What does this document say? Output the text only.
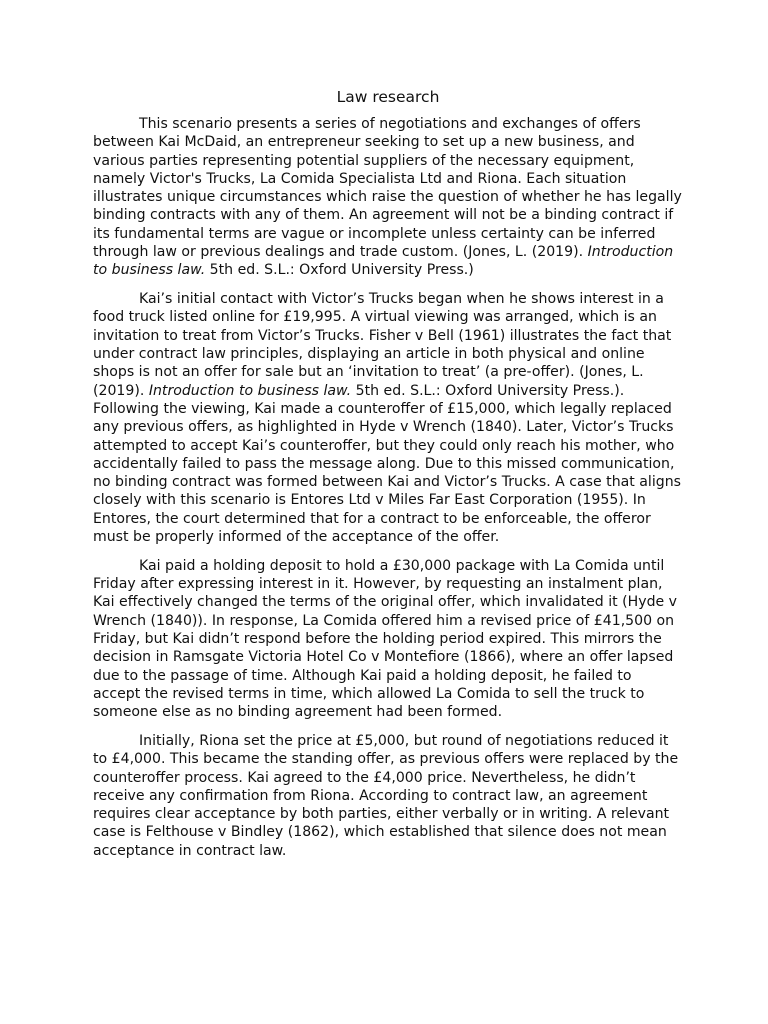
Law research

This scenario presents a series of negotiations and exchanges of offers between Kai McDaid, an entrepreneur seeking to set up a new business, and various parties representing potential suppliers of the necessary equipment, namely Victor's Trucks, La Comida Specialista Ltd and Riona. Each situation illustrates unique circumstances which raise the question of whether he has legally binding contracts with any of them. An agreement will not be a binding contract if its fundamental terms are vague or incomplete unless certainty can be inferred through law or previous dealings and trade custom. (Jones, L. (2019). Introduction to business law. 5th ed. S.L.: Oxford University Press.)

Kai’s initial contact with Victor’s Trucks began when he shows interest in a food truck listed online for £19,995. A virtual viewing was arranged, which is an invitation to treat from Victor’s Trucks. Fisher v Bell (1961) illustrates the fact that under contract law principles, displaying an article in both physical and online shops is not an offer for sale but an ‘invitation to treat’ (a pre-offer). (Jones, L. (2019). Introduction to business law. 5th ed. S.L.: Oxford University Press.). Following the viewing, Kai made a counteroffer of £15,000, which legally replaced any previous offers, as highlighted in Hyde v Wrench (1840). Later, Victor’s Trucks attempted to accept Kai’s counteroffer, but they could only reach his mother, who accidentally failed to pass the message along. Due to this missed communication, no binding contract was formed between Kai and Victor’s Trucks. A case that aligns closely with this scenario is Entores Ltd v Miles Far East Corporation (1955). In Entores, the court determined that for a contract to be enforceable, the offeror must be properly informed of the acceptance of the offer.

Kai paid a holding deposit to hold a £30,000 package with La Comida until Friday after expressing interest in it. However, by requesting an instalment plan, Kai effectively changed the terms of the original offer, which invalidated it (Hyde v Wrench (1840)). In response, La Comida offered him a revised price of £41,500 on Friday, but Kai didn’t respond before the holding period expired. This mirrors the decision in Ramsgate Victoria Hotel Co v Montefiore (1866), where an offer lapsed due to the passage of time. Although Kai paid a holding deposit, he failed to accept the revised terms in time, which allowed La Comida to sell the truck to someone else as no binding agreement had been formed.

Initially, Riona set the price at £5,000, but round of negotiations reduced it to £4,000. This became the standing offer, as previous offers were replaced by the counteroffer process. Kai agreed to the £4,000 price. Nevertheless, he didn’t receive any confirmation from Riona. According to contract law, an agreement requires clear acceptance by both parties, either verbally or in writing. A relevant case is Felthouse v Bindley (1862), which established that silence does not mean acceptance in contract law.
